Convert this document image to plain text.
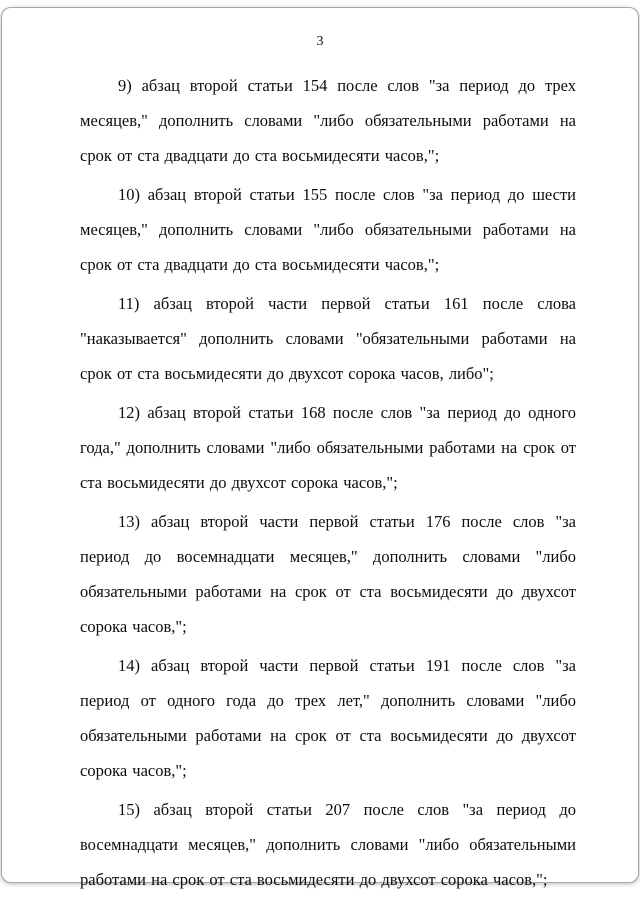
3

9) абзац второй статьи 154 после слов "за период до трех месяцев," дополнить словами "либо обязательными работами на срок от ста двадцати до ста восьмидесяти часов,";

10) абзац второй статьи 155 после слов "за период до шести месяцев," дополнить словами "либо обязательными работами на срок от ста двадцати до ста восьмидесяти часов,";

11) абзац второй части первой статьи 161 после слова "наказывается" дополнить словами "обязательными работами на срок от ста восьмидесяти до двухсот сорока часов, либо";

12) абзац второй статьи 168 после слов "за период до одного года," дополнить словами "либо обязательными работами на срок от ста восьмидесяти до двухсот сорока часов,";

13) абзац второй части первой статьи 176 после слов "за период до восемнадцати месяцев," дополнить словами "либо обязательными работами на срок от ста восьмидесяти до двухсот сорока часов,";

14) абзац второй части первой статьи 191 после слов "за период от одного года до трех лет," дополнить словами "либо обязательными работами на срок от ста восьмидесяти до двухсот сорока часов,";

15) абзац второй статьи 207 после слов "за период до восемнадцати месяцев," дополнить словами "либо обязательными работами на срок от ста восьмидесяти до двухсот сорока часов,";
